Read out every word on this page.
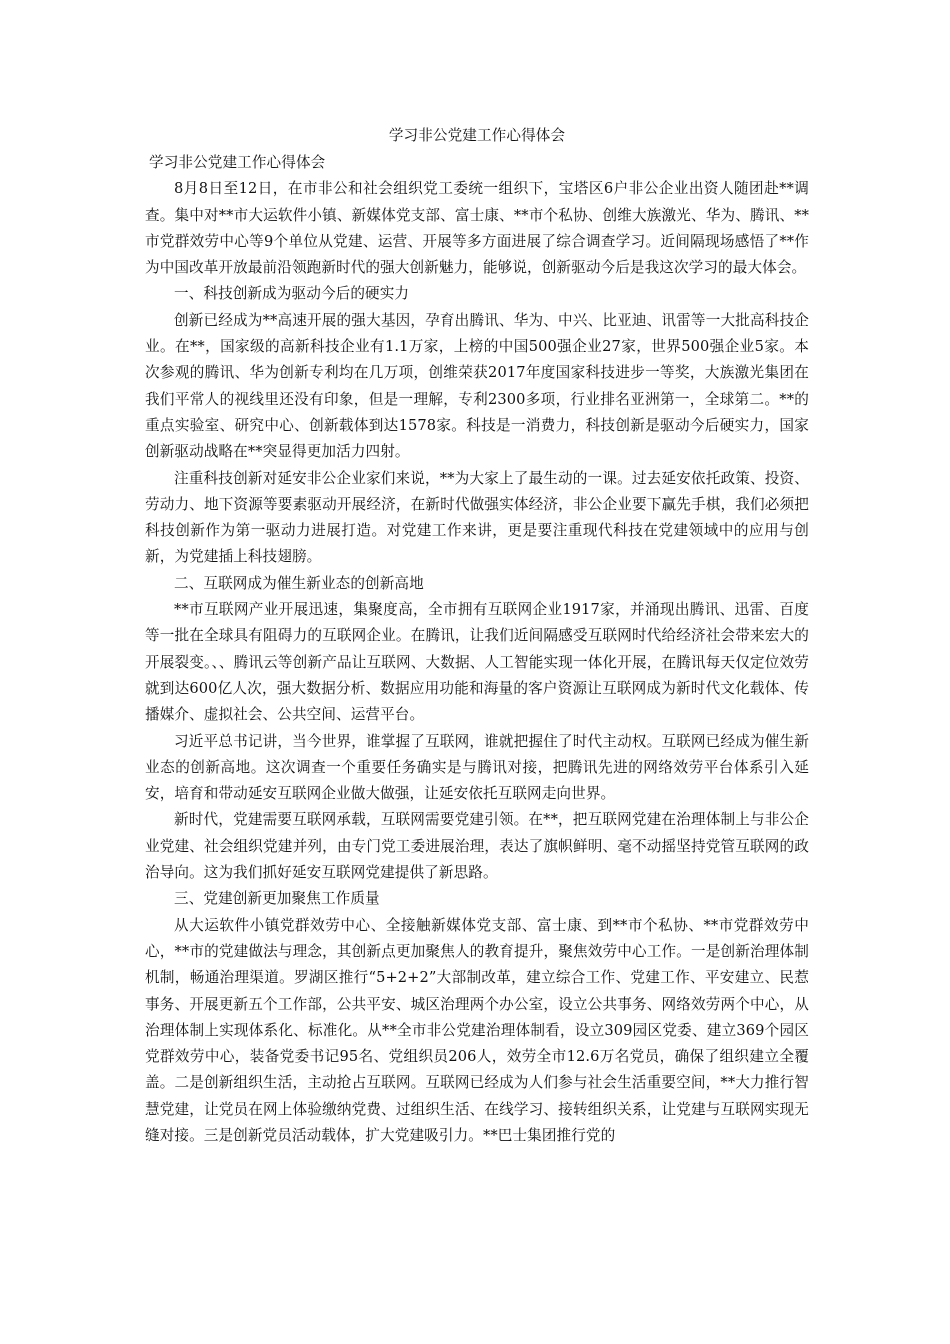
学习非公党建工作心得体会
学习非公党建工作心得体会

8月8日至12日，在市非公和社会组织党工委统一组织下，宝塔区6户非公企业出资人随团赴**调查。集中对**市大运软件小镇、新媒体党支部、富士康、**市个私协、创维大族激光、华为、腾讯、**市党群效劳中心等9个单位从党建、运营、开展等多方面进展了综合调查学习。近间隔现场感悟了**作为中国改革开放最前沿领跑新时代的强大创新魅力，能够说，创新驱动今后是我这次学习的最大体会。

一、科技创新成为驱动今后的硬实力

创新已经成为**高速开展的强大基因，孕育出腾讯、华为、中兴、比亚迪、讯雷等一大批高科技企业。在**，国家级的高新科技企业有1.1万家，上榜的中国500强企业27家，世界500强企业5家。本次参观的腾讯、华为创新专利均在几万项，创维荣获2017年度国家科技进步一等奖，大族激光集团在我们平常人的视线里还没有印象，但是一理解，专利2300多项，行业排名亚洲第一，全球第二。**的重点实验室、研究中心、创新载体到达1578家。科技是一消费力，科技创新是驱动今后硬实力，国家创新驱动战略在**突显得更加活力四射。

注重科技创新对延安非公企业家们来说，**为大家上了最生动的一课。过去延安依托政策、投资、劳动力、地下资源等要素驱动开展经济，在新时代做强实体经济，非公企业要下赢先手棋，我们必须把科技创新作为第一驱动力进展打造。对党建工作来讲，更是要注重现代科技在党建领域中的应用与创新，为党建插上科技翅膀。

二、互联网成为催生新业态的创新高地

**市互联网产业开展迅速，集聚度高，全市拥有互联网企业1917家，并涌现出腾讯、迅雷、百度等一批在全球具有阻碍力的互联网企业。在腾讯，让我们近间隔感受互联网时代给经济社会带来宏大的开展裂变。、、腾讯云等创新产品让互联网、大数据、人工智能实现一体化开展，在腾讯每天仅定位效劳就到达600亿人次，强大数据分析、数据应用功能和海量的客户资源让互联网成为新时代文化载体、传播媒介、虚拟社会、公共空间、运营平台。

习近平总书记讲，当今世界，谁掌握了互联网，谁就把握住了时代主动权。互联网已经成为催生新业态的创新高地。这次调查一个重要任务确实是与腾讯对接，把腾讯先进的网络效劳平台体系引入延安，培育和带动延安互联网企业做大做强，让延安依托互联网走向世界。

新时代，党建需要互联网承载，互联网需要党建引领。在**，把互联网党建在治理体制上与非公企业党建、社会组织党建并列，由专门党工委进展治理，表达了旗帜鲜明、毫不动摇坚持党管互联网的政治导向。这为我们抓好延安互联网党建提供了新思路。

三、党建创新更加聚焦工作质量

从大运软件小镇党群效劳中心、全接触新媒体党支部、富士康、到**市个私协、**市党群效劳中心，**市的党建做法与理念，其创新点更加聚焦人的教育提升，聚焦效劳中心工作。一是创新治理体制机制，畅通治理渠道。罗湖区推行“5+2+2”大部制改革，建立综合工作、党建工作、平安建立、民惹事务、开展更新五个工作部，公共平安、城区治理两个办公室，设立公共事务、网络效劳两个中心，从治理体制上实现体系化、标准化。从**全市非公党建治理体制看，设立309园区党委、建立369个园区党群效劳中心，装备党委书记95名、党组织员206人，效劳全市12.6万名党员，确保了组织建立全覆盖。二是创新组织生活，主动抢占互联网。互联网已经成为人们参与社会生活重要空间，**大力推行智慧党建，让党员在网上体验缴纳党费、过组织生活、在线学习、接转组织关系，让党建与互联网实现无缝对接。三是创新党员活动载体，扩大党建吸引力。**巴士集团推行党的
